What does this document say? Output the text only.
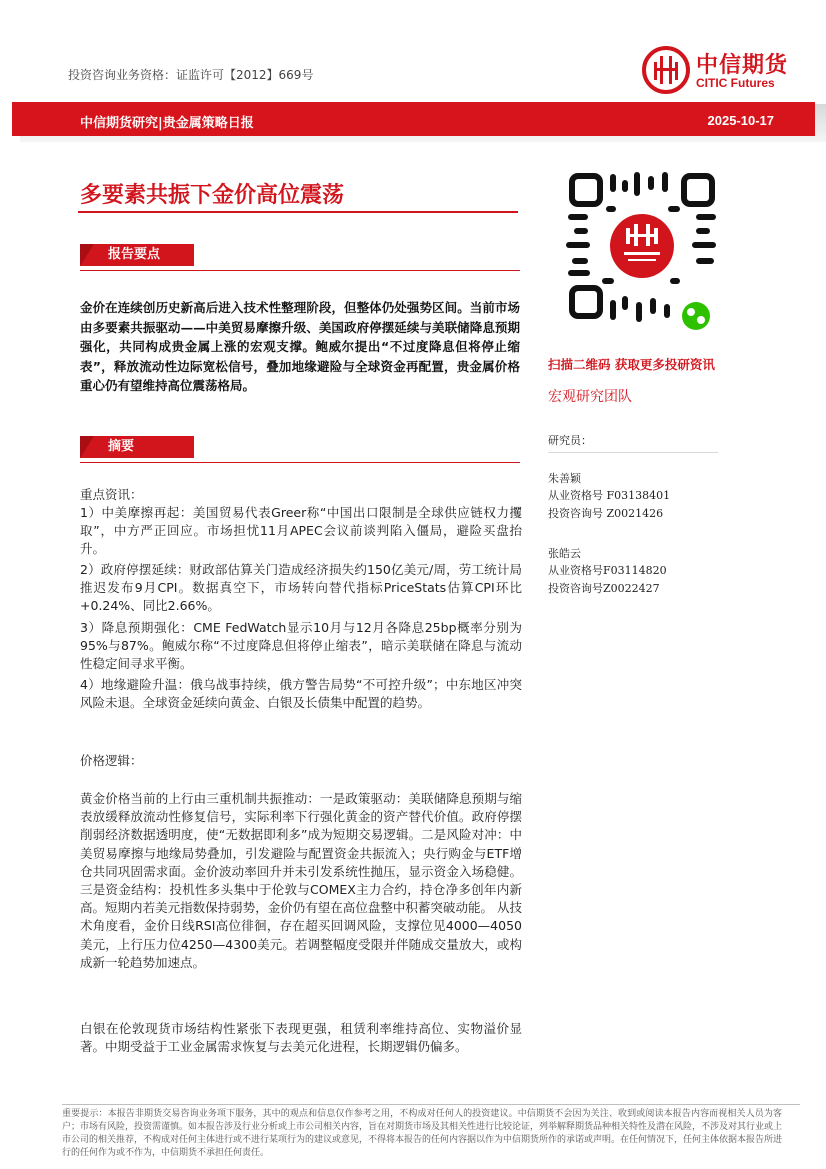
投资咨询业务资格：证监许可【2012】669号	中信期货
CITIC Futures
中信期货研究|贵金属策略日报	2025-10-17
多要素共振下金价高位震荡
报告要点
金价在连续创历史新高后进入技术性整理阶段，但整体仍处强势区间。当前市场由多要素共振驱动——中美贸易摩擦升级、美国政府停摆延续与美联储降息预期强化，共同构成贵金属上涨的宏观支撑。鲍威尔提出“不过度降息但将停止缩表”，释放流动性边际宽松信号，叠加地缘避险与全球资金再配置，贵金属价格重心仍有望维持高位震荡格局。
摘要
重点资讯：
1）中美摩擦再起：美国贸易代表Greer称“中国出口限制是全球供应链权力攫取”，中方严正回应。市场担忧11月APEC会议前谈判陷入僵局，避险买盘抬升。
2）政府停摆延续：财政部估算关门造成经济损失约150亿美元/周，劳工统计局推迟发布9月CPI。数据真空下，市场转向替代指标PriceStats估算CPI环比+0.24%、同比2.66%。
3）降息预期强化：CME FedWatch显示10月与12月各降息25bp概率分别为95%与87%。鲍威尔称“不过度降息但将停止缩表”，暗示美联储在降息与流动性稳定间寻求平衡。
4）地缘避险升温：俄乌战事持续，俄方警告局势“不可控升级”；中东地区冲突风险未退。全球资金延续向黄金、白银及长债集中配置的趋势。
价格逻辑：
黄金价格当前的上行由三重机制共振推动：一是政策驱动：美联储降息预期与缩表放缓释放流动性修复信号，实际利率下行强化黄金的资产替代价值。政府停摆削弱经济数据透明度，使“无数据即利多”成为短期交易逻辑。二是风险对冲：中美贸易摩擦与地缘局势叠加，引发避险与配置资金共振流入；央行购金与ETF增仓共同巩固需求面。金价波动率回升并未引发系统性抛压，显示资金入场稳健。 三是资金结构：投机性多头集中于伦敦与COMEX主力合约，持仓净多创年内新高。短期内若美元指数保持弱势，金价仍有望在高位盘整中积蓄突破动能。 从技术角度看，金价日线RSI高位徘徊，存在超买回调风险，支撑位见4000—4050美元，上行压力位4250—4300美元。若调整幅度受限并伴随成交量放大，或构成新一轮趋势加速点。
白银在伦敦现货市场结构性紧张下表现更强，租赁利率维持高位、实物溢价显著。中期受益于工业金属需求恢复与去美元化进程，长期逻辑仍偏多。
扫描二维码 获取更多投研资讯
宏观研究团队
研究员：
朱善颖
从业资格号 F03138401
投资咨询号 Z0021426
张皓云
从业资格号F03114820
投资咨询号Z0022427
重要提示：本报告非期货交易咨询业务项下服务，其中的观点和信息仅作参考之用，不构成对任何人的投资建议。中信期货不会因为关注、收到或阅读本报告内容而视相关人员为客户；市场有风险，投资需谨慎。如本报告涉及行业分析或上市公司相关内容，旨在对期货市场及其相关性进行比较论证，列举解释期货品种相关特性及潜在风险，不涉及对其行业或上市公司的相关推荐，不构成对任何主体进行或不进行某项行为的建议或意见，不得将本报告的任何内容据以作为中信期货所作的承诺或声明。在任何情况下，任何主体依据本报告所进行的任何作为或不作为，中信期货不承担任何责任。
